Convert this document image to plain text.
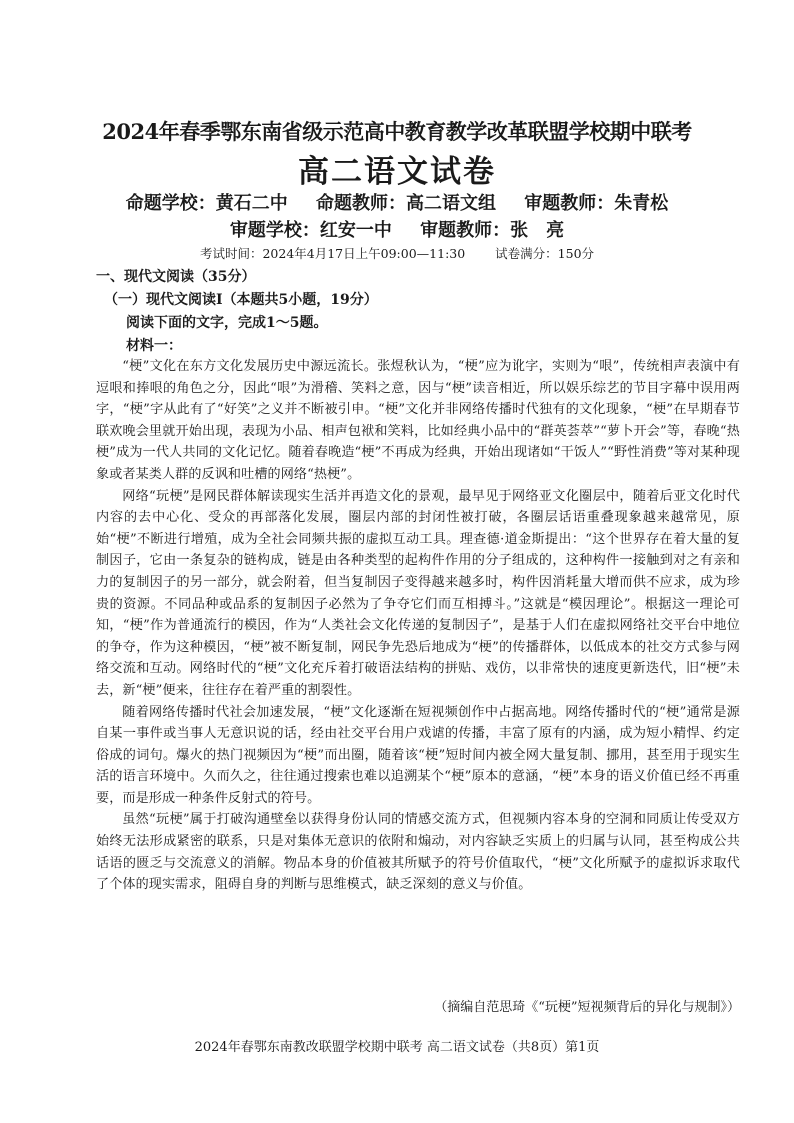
2024年春季鄂东南省级示范高中教育教学改革联盟学校期中联考
高二语文试卷
命题学校：黄石二中 命题教师：高二语文组 审题教师：朱青松
审题学校：红安一中 审题教师：张　亮
考试时间：2024年4月17日上午09:00—11:30 试卷满分：150分
一、现代文阅读（35分）
（一）现代文阅读Ⅰ（本题共5小题，19分）
阅读下面的文字，完成1～5题。
材料一：

“梗”文化在东方文化发展历史中源远流长。张煜秋认为，“梗”应为讹字，实则为“哏”，传统相声表演中有逗哏和捧哏的角色之分，因此“哏”为滑稽、笑料之意，因与“梗”读音相近，所以娱乐综艺的节目字幕中误用两字，“梗”字从此有了“好笑”之义并不断被引申。“梗”文化并非网络传播时代独有的文化现象，“梗”在早期春节联欢晚会里就开始出现，表现为小品、相声包袱和笑料，比如经典小品中的“群英荟萃”“萝卜开会”等，春晚“热梗”成为一代人共同的文化记忆。随着春晚造“梗”不再成为经典，开始出现诸如“干饭人”“野性消费”等对某种现象或者某类人群的反讽和吐槽的网络“热梗”。

网络“玩梗”是网民群体解读现实生活并再造文化的景观，最早见于网络亚文化圈层中，随着后亚文化时代内容的去中心化、受众的再部落化发展，圈层内部的封闭性被打破，各圈层话语重叠现象越来越常见，原始“梗”不断进行增殖，成为全社会同频共振的虚拟互动工具。理查德·道金斯提出：“这个世界存在着大量的复制因子，它由一条复杂的链构成，链是由各种类型的起构件作用的分子组成的，这种构件一接触到对之有亲和力的复制因子的另一部分，就会附着，但当复制因子变得越来越多时，构件因消耗量大增而供不应求，成为珍贵的资源。不同品种或品系的复制因子必然为了争夺它们而互相搏斗。”这就是“模因理论”。根据这一理论可知，“梗”作为普通流行的模因，作为“人类社会文化传递的复制因子”，是基于人们在虚拟网络社交平台中地位的争夺，作为这种模因，“梗”被不断复制，网民争先恐后地成为“梗”的传播群体，以低成本的社交方式参与网络交流和互动。网络时代的“梗”文化充斥着打破语法结构的拼贴、戏仿，以非常快的速度更新迭代，旧“梗”未去，新“梗”便来，往往存在着严重的割裂性。

随着网络传播时代社会加速发展，“梗”文化逐渐在短视频创作中占据高地。网络传播时代的“梗”通常是源自某一事件或当事人无意识说的话，经由社交平台用户戏谑的传播，丰富了原有的内涵，成为短小精悍、约定俗成的词句。爆火的热门视频因为“梗”而出圈，随着该“梗”短时间内被全网大量复制、挪用，甚至用于现实生活的语言环境中。久而久之，往往通过搜索也难以追溯某个“梗”原本的意涵，“梗”本身的语义价值已经不再重要，而是形成一种条件反射式的符号。

虽然“玩梗”属于打破沟通壁垒以获得身份认同的情感交流方式，但视频内容本身的空洞和同质让传受双方始终无法形成紧密的联系，只是对集体无意识的依附和煽动，对内容缺乏实质上的归属与认同，甚至构成公共话语的匮乏与交流意义的消解。物品本身的价值被其所赋予的符号价值取代，“梗”文化所赋予的虚拟诉求取代了个体的现实需求，阻碍自身的判断与思维模式，缺乏深刻的意义与价值。

（摘编自范思琦《“玩梗”短视频背后的异化与规制》）
2024年春鄂东南教改联盟学校期中联考 高二语文试卷（共8页）第1页
